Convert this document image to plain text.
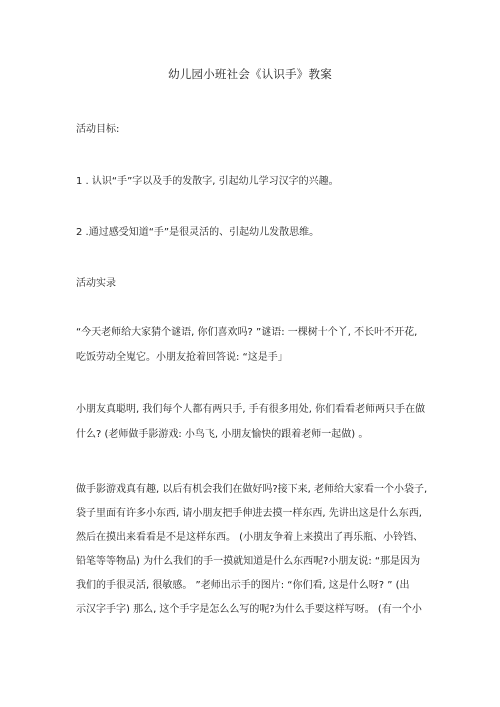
幼儿园小班社会《认识手》教案
活动目标:
1 . 认识“手”字以及手的发散字, 引起幼儿学习汉字的兴趣。
2 .通过感受知道“手”是很灵活的、引起幼儿发散思维。
活动实录
“今天老师给大家猜个谜语, 你们喜欢吗? ”谜语: 一棵树十个丫, 不长叶不开花,
吃饭劳动全嵬它。小朋友抢着回答说: “这是手」
小朋友真聪明, 我们每个人都有两只手, 手有很多用处, 你们看看老师两只手在做
什么? (老师做手影游戏: 小鸟飞, 小朋友愉快的跟着老师一起做) 。
做手影游戏真有趣, 以后有机会我们在做好吗?接下来, 老师给大家看一个小袋子,
袋子里面有许多小东西, 请小朋友把手伸进去摸一样东西, 先讲出这是什么东西,
然后在摸出来看看是不是这样东西。 (小朋友争着上来摸出了再乐瓶、小铃铛、
铅笔等等物品) 为什么我们的手一摸就知道是什么东西呢?小朋友说: “那是因为
我们的手很灵活, 很敏感。 ”老师出示手的图片: “你们看, 这是什么呀? ” (出
示汉字手字) 那么, 这个手字是怎么么写的呢?为什么手要这样写呀。 (有一个小
